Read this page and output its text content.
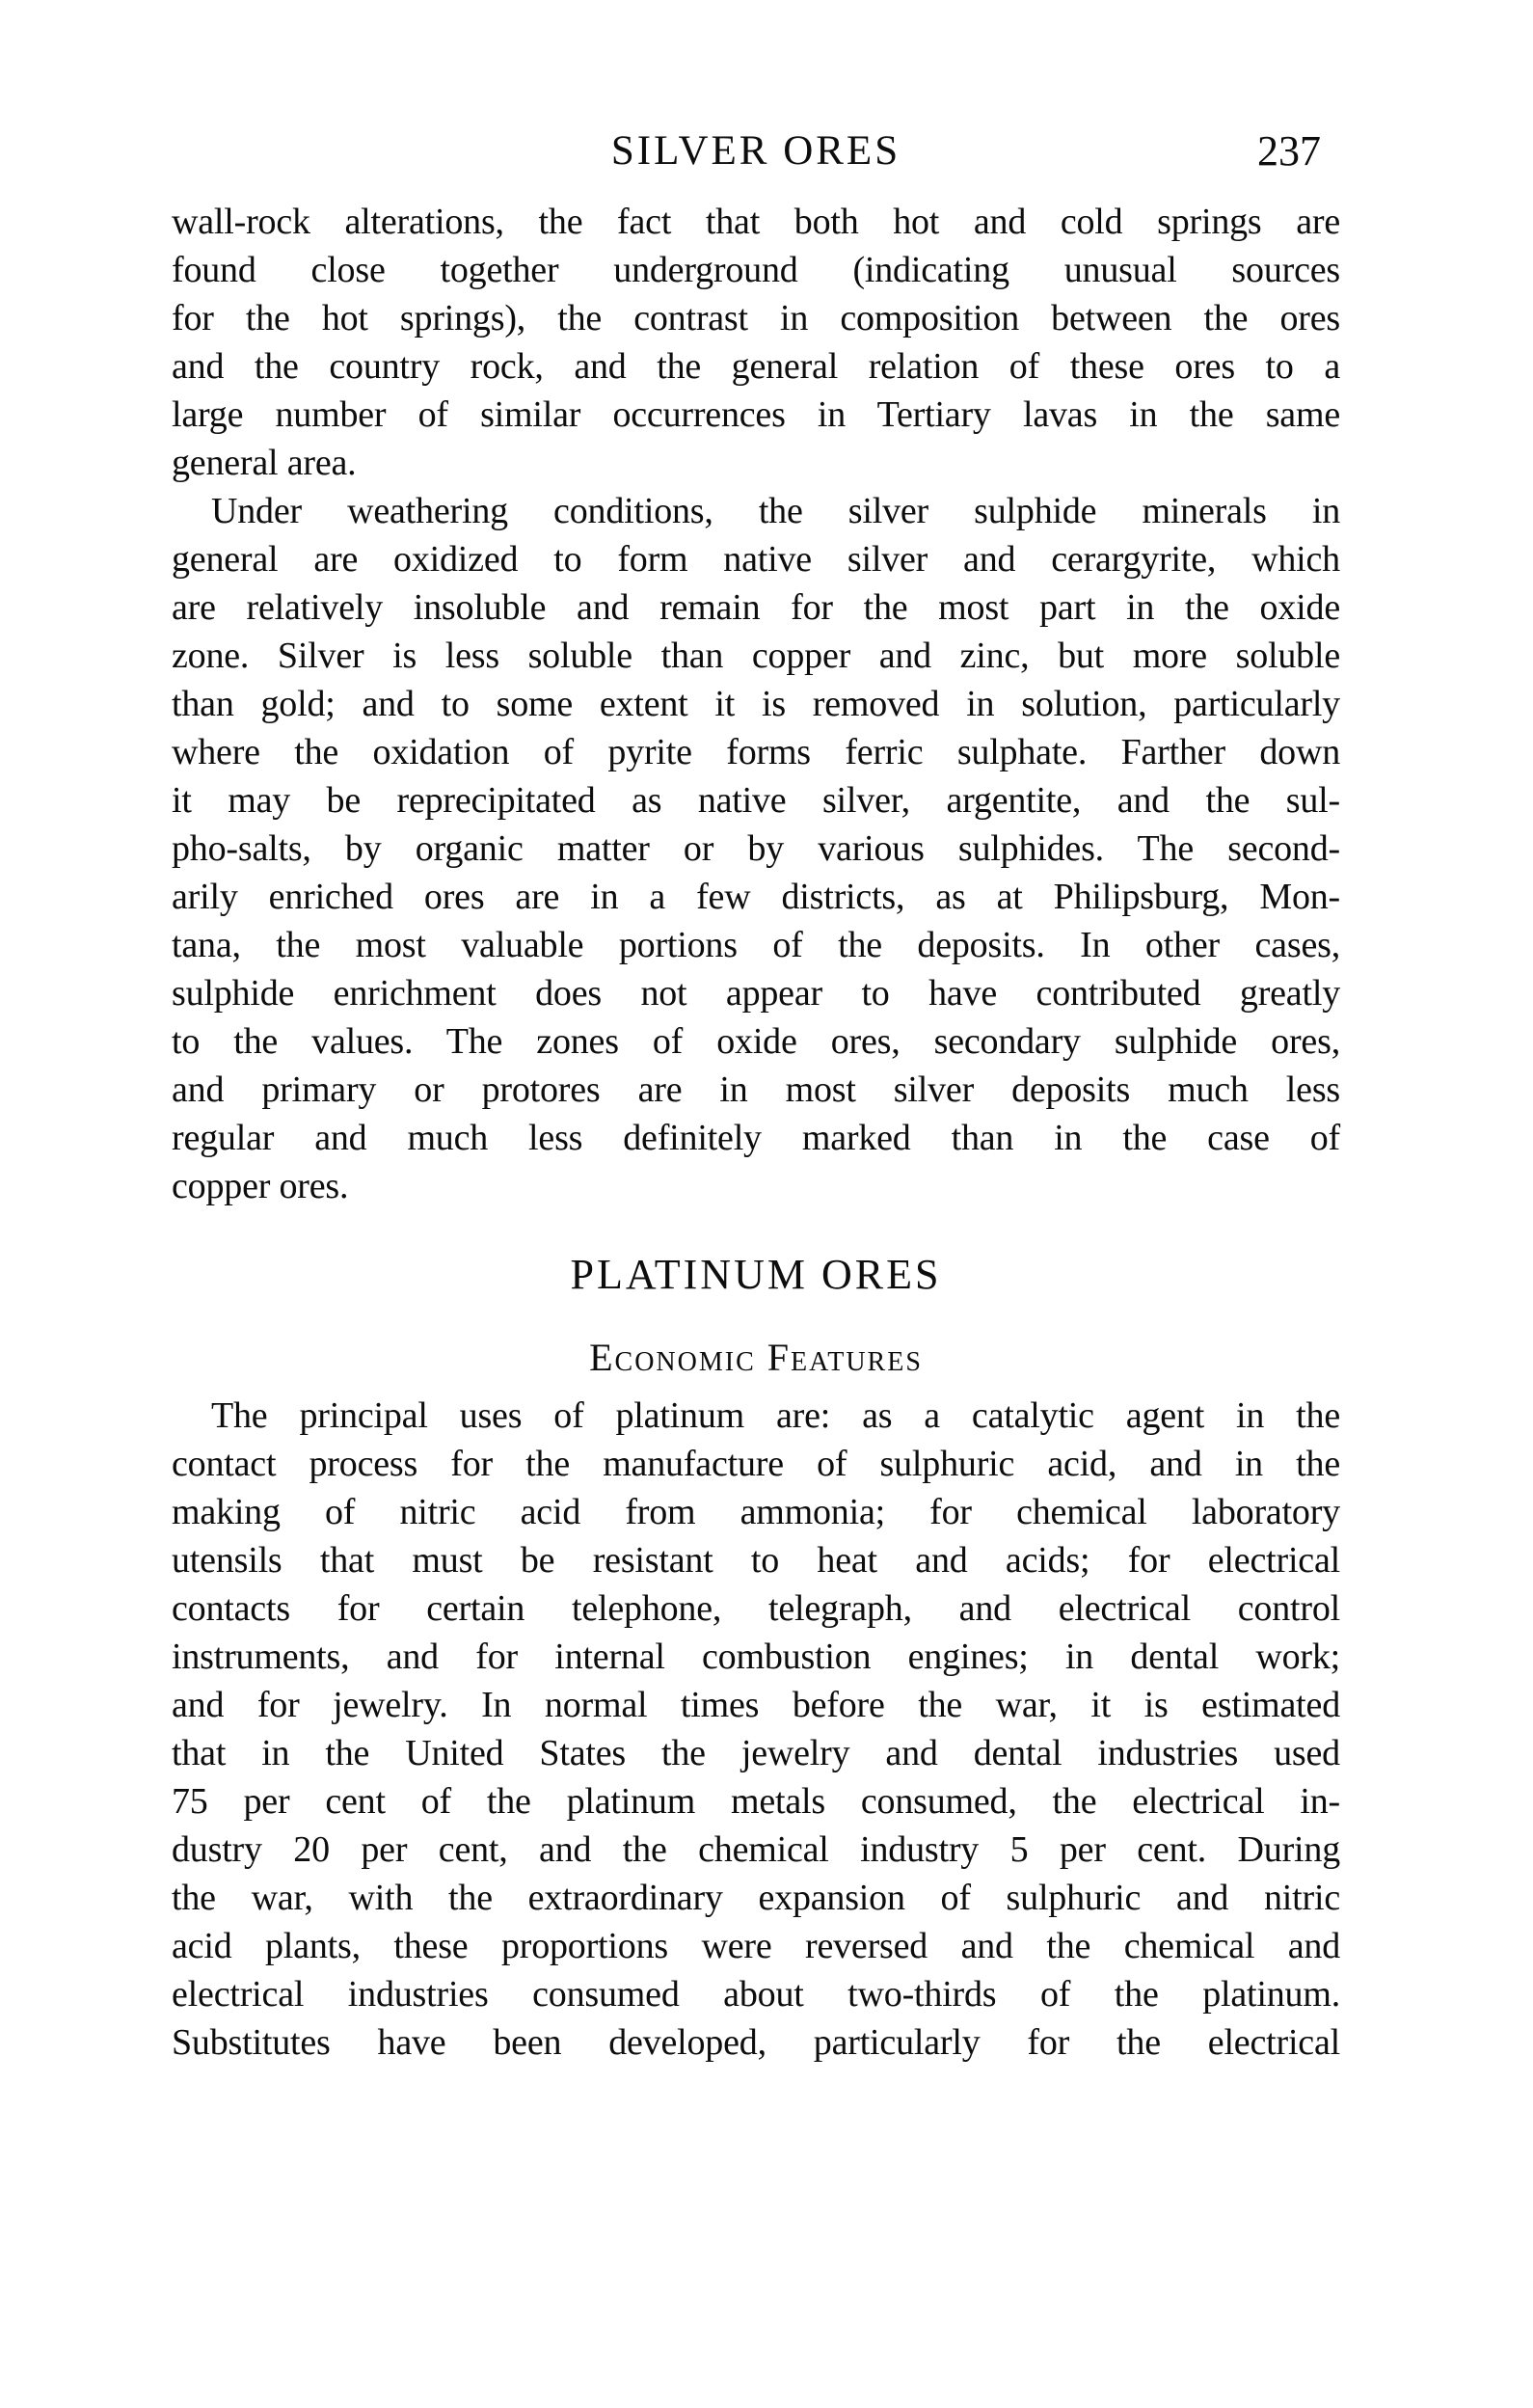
SILVER ORES	237
wall-rock alterations, the fact that both hot and cold springs are
found close together underground (indicating unusual sources
for the hot springs), the contrast in composition between the ores
and the country rock, and the general relation of these ores to a
large number of similar occurrences in Tertiary lavas in the same
general area.
Under weathering conditions, the silver sulphide minerals in
general are oxidized to form native silver and cerargyrite, which
are relatively insoluble and remain for the most part in the oxide
zone. Silver is less soluble than copper and zinc, but more soluble
than gold; and to some extent it is removed in solution, particularly
where the oxidation of pyrite forms ferric sulphate. Farther down
it may be reprecipitated as native silver, argentite, and the sul-
pho-salts, by organic matter or by various sulphides. The second-
arily enriched ores are in a few districts, as at Philipsburg, Mon-
tana, the most valuable portions of the deposits. In other cases,
sulphide enrichment does not appear to have contributed greatly
to the values. The zones of oxide ores, secondary sulphide ores,
and primary or protores are in most silver deposits much less
regular and much less definitely marked than in the case of
copper ores.
PLATINUM ORES
Economic Features
The principal uses of platinum are: as a catalytic agent in the
contact process for the manufacture of sulphuric acid, and in the
making of nitric acid from ammonia; for chemical laboratory
utensils that must be resistant to heat and acids; for electrical
contacts for certain telephone, telegraph, and electrical control
instruments, and for internal combustion engines; in dental work;
and for jewelry. In normal times before the war, it is estimated
that in the United States the jewelry and dental industries used
75 per cent of the platinum metals consumed, the electrical in-
dustry 20 per cent, and the chemical industry 5 per cent. During
the war, with the extraordinary expansion of sulphuric and nitric
acid plants, these proportions were reversed and the chemical and
electrical industries consumed about two-thirds of the platinum.
Substitutes have been developed, particularly for the electrical
